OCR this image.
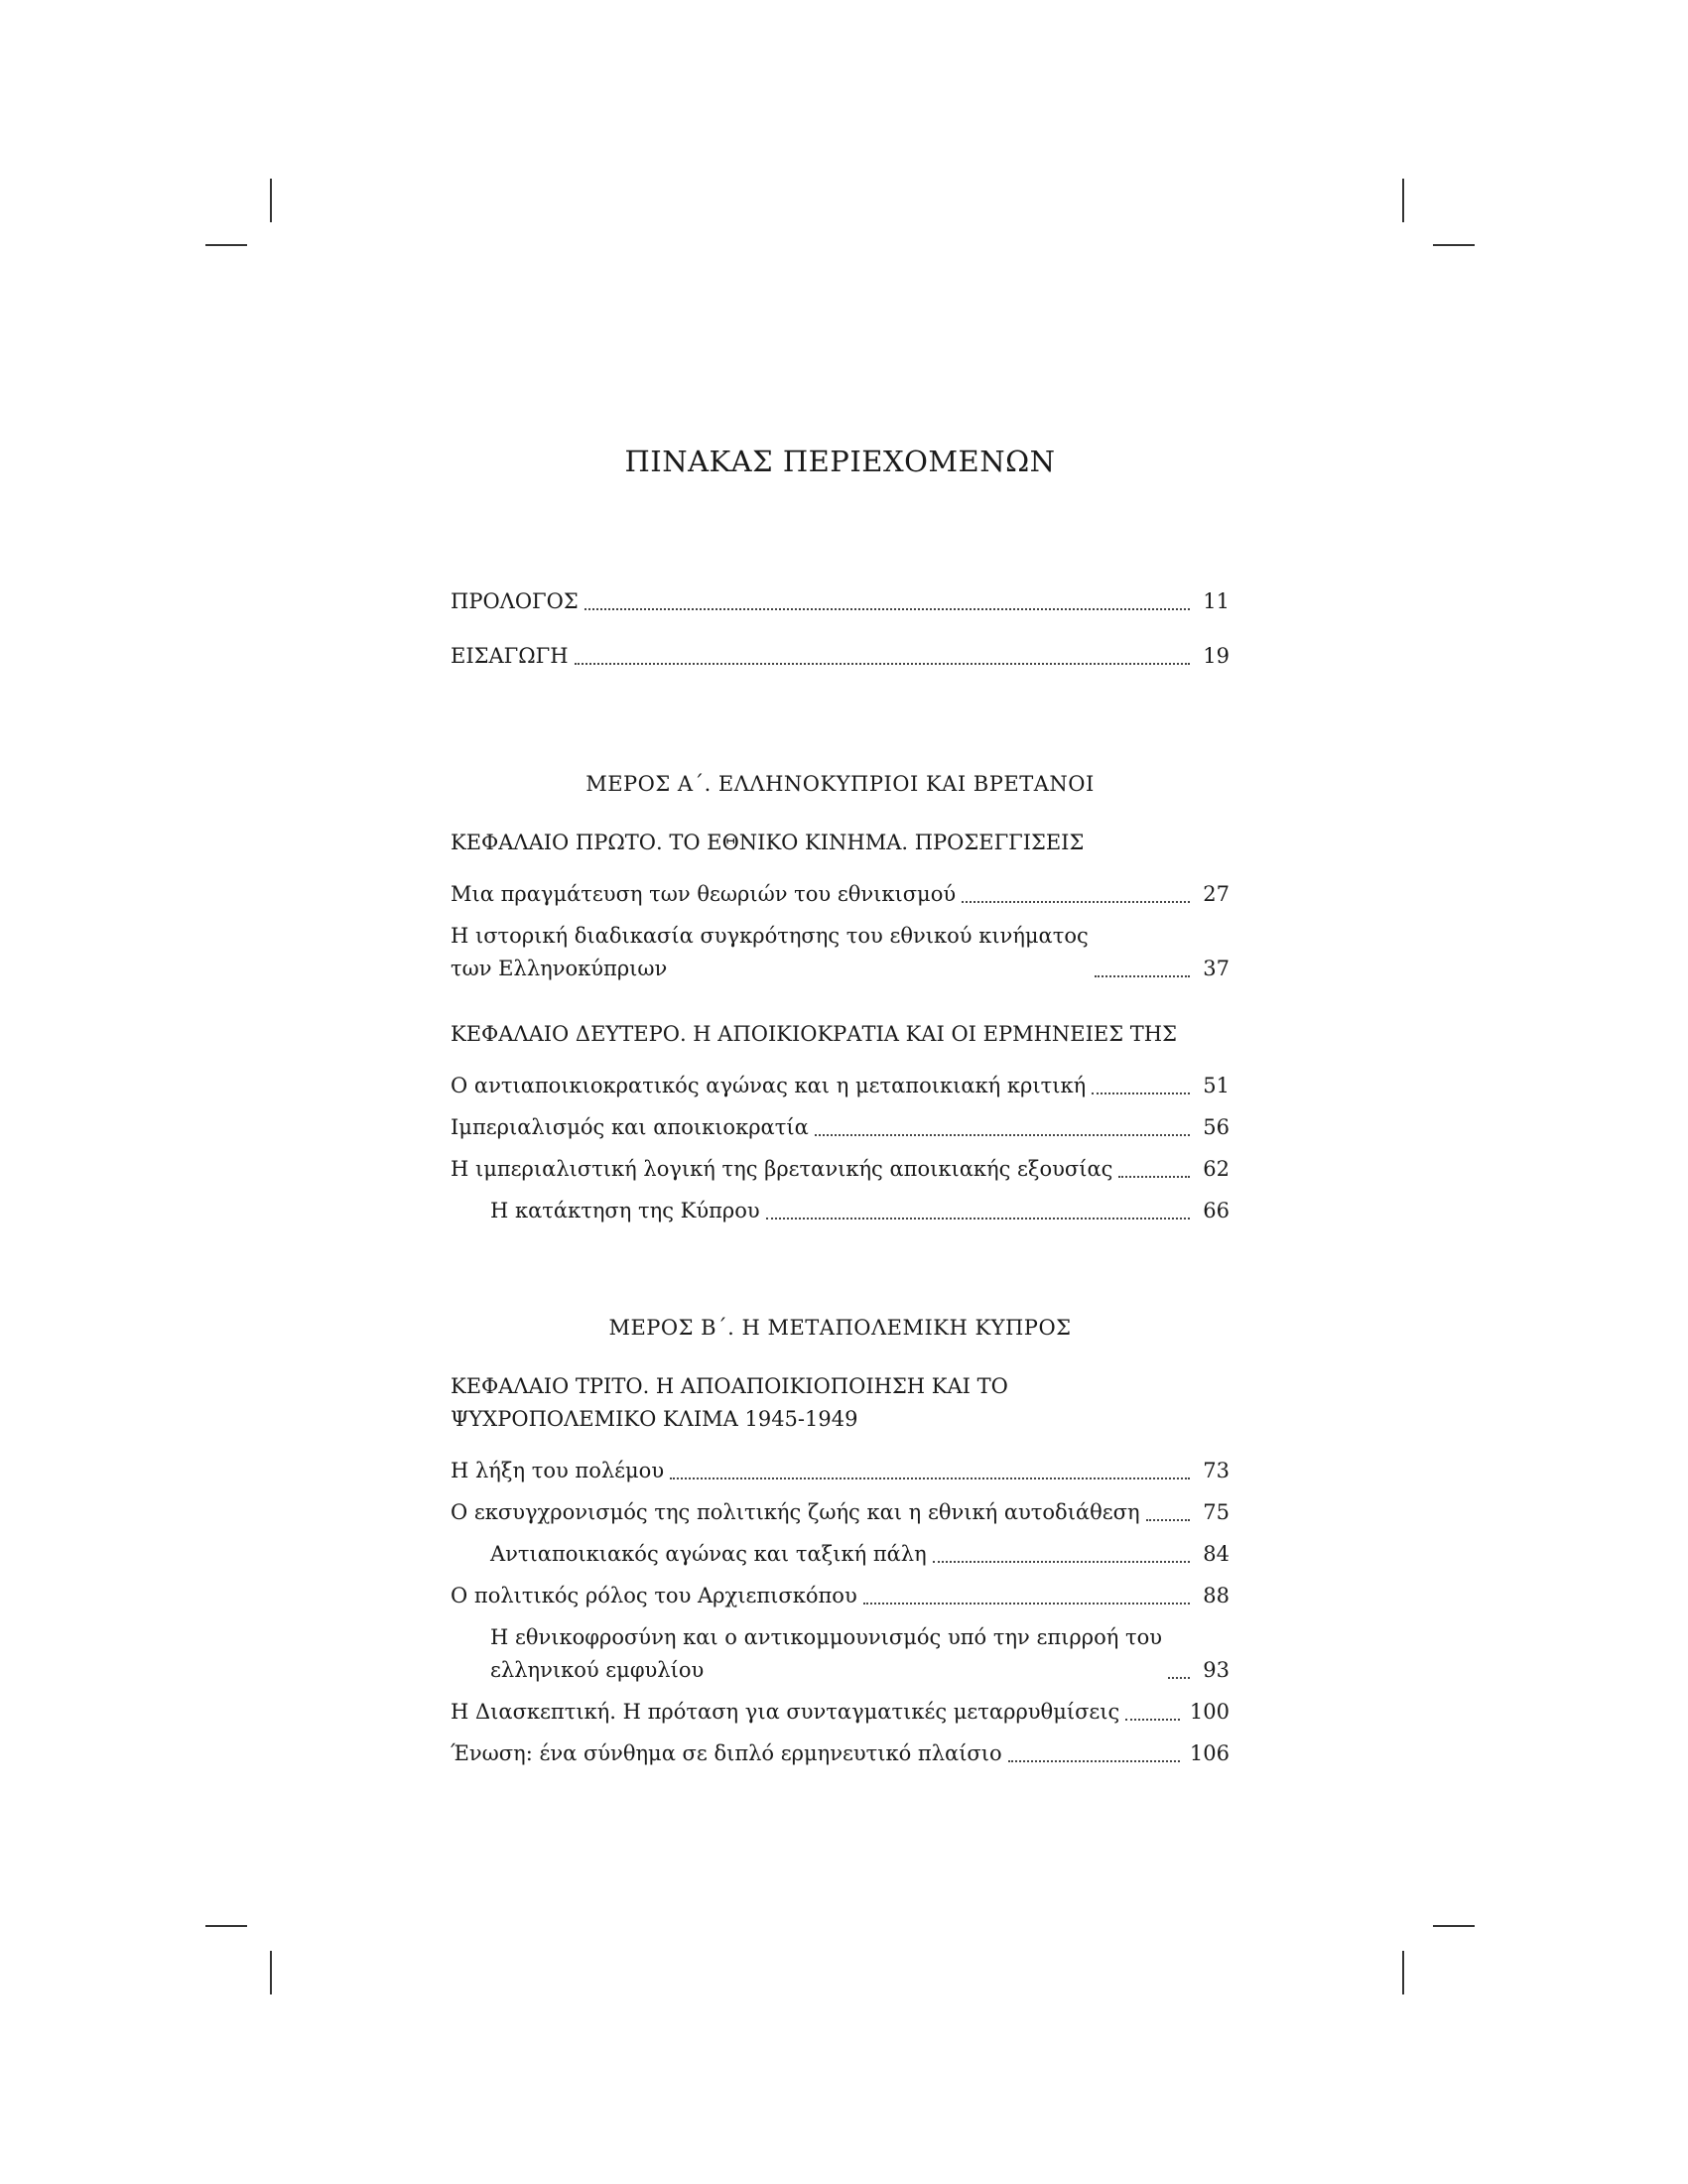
ΠΙΝΑΚΑΣ ΠΕΡΙΕΧΟΜΕΝΩΝ
ΠΡΟΛΟΓΟΣ	11
ΕΙΣΑΓΩΓΗ	19
ΜΕΡΟΣ Α΄. ΕΛΛΗΝΟΚΥΠΡΙΟΙ ΚΑΙ ΒΡΕΤΑΝΟΙ
ΚΕΦΑΛΑΙΟ ΠΡΩΤΟ. ΤΟ ΕΘΝΙΚΟ ΚΙΝΗΜΑ. ΠΡΟΣΕΓΓΙΣΕΙΣ
Μια πραγμάτευση των θεωριών του εθνικισμού	27
Η ιστορική διαδικασία συγκρότησης του εθνικού κινήματος
των Ελληνοκύπριων	37
ΚΕΦΑΛΑΙΟ ΔΕΥΤΕΡΟ. Η ΑΠΟΙΚΙΟΚΡΑΤΙΑ ΚΑΙ ΟΙ ΕΡΜΗΝΕΙΕΣ ΤΗΣ
Ο αντιαποικιοκρατικός αγώνας και η μεταποικιακή κριτική	51
Ιμπεριαλισμός και αποικιοκρατία	56
Η ιμπεριαλιστική λογική της βρετανικής αποικιακής εξουσίας	62
Η κατάκτηση της Κύπρου	66
ΜΕΡΟΣ Β΄. Η ΜΕΤΑΠΟΛΕΜΙΚΗ ΚΥΠΡΟΣ
ΚΕΦΑΛΑΙΟ ΤΡΙΤΟ. Η ΑΠΟΑΠΟΙΚΙΟΠΟΙΗΣΗ ΚΑΙ ΤΟ
ΨΥΧΡΟΠΟΛΕΜΙΚΟ ΚΛΙΜΑ 1945-1949
Η λήξη του πολέμου	73
Ο εκσυγχρονισμός της πολιτικής ζωής και η εθνική αυτοδιάθεση	75
Αντιαποικιακός αγώνας και ταξική πάλη	84
Ο πολιτικός ρόλος του Αρχιεπισκόπου	88
Η εθνικοφροσύνη και ο αντικομμουνισμός υπό την επιρροή του
ελληνικού εμφυλίου	93
Η Διασκεπτική. Η πρόταση για συνταγματικές μεταρρυθμίσεις	100
Ένωση: ένα σύνθημα σε διπλό ερμηνευτικό πλαίσιο	106
